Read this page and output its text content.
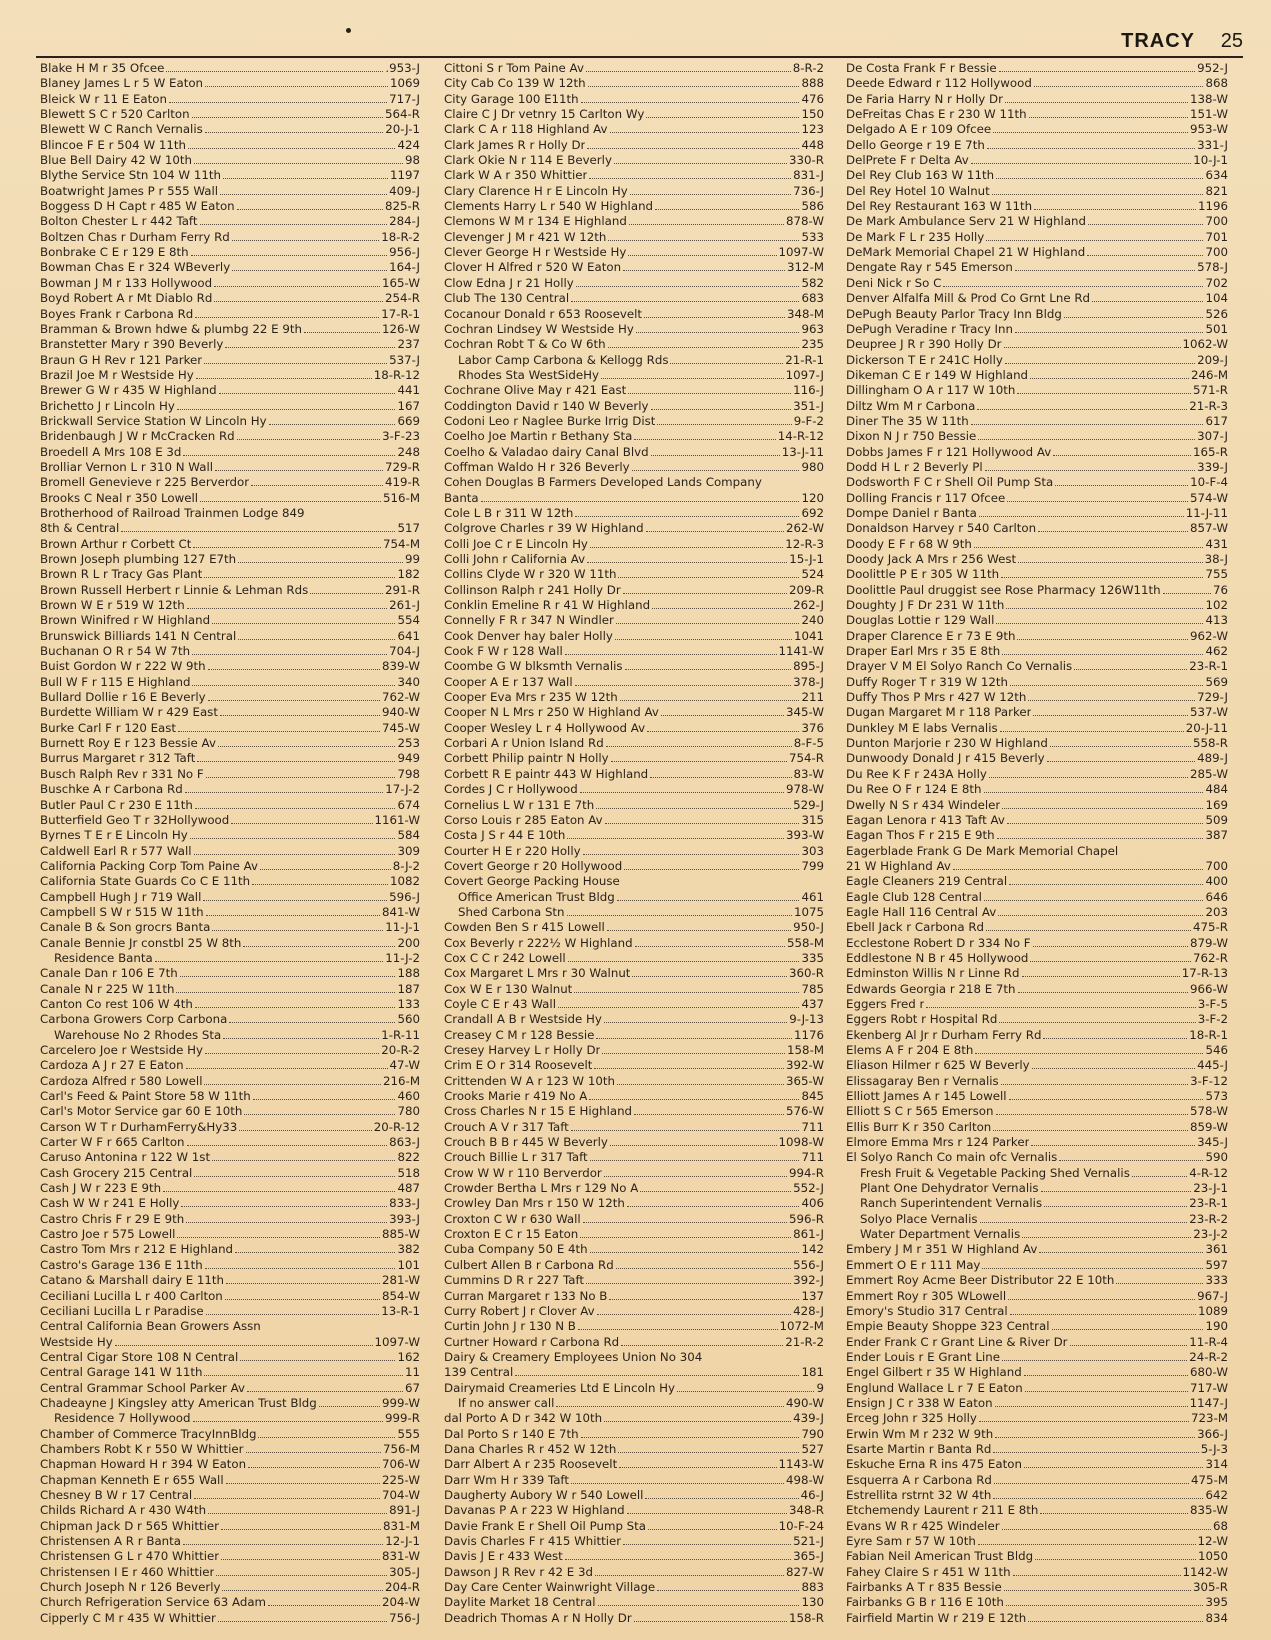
TRACY 25
Blake H M r 35 Ofcee	.953-J
Blaney James L r 5 W Eaton	1069
Bleick W r 11 E Eaton	717-J
Blewett S C r 520 Carlton	564-R
Blewett W C Ranch Vernalis	20-J-1
Blincoe F E r 504 W 11th	424
Blue Bell Dairy 42 W 10th	98
Blythe Service Stn 104 W 11th	1197
Boatwright James P r 555 Wall	409-J
Boggess D H Capt r 485 W Eaton	825-R
Bolton Chester L r 442 Taft	284-J
Boltzen Chas r Durham Ferry Rd	18-R-2
Bonbrake C E r 129 E 8th	956-J
Bowman Chas E r 324 WBeverly	164-J
Bowman J M r 133 Hollywood	165-W
Boyd Robert A r Mt Diablo Rd	254-R
Boyes Frank r Carbona Rd	17-R-1
Bramman & Brown hdwe & plumbg 22 E 9th	126-W
Branstetter Mary r 390 Beverly	237
Braun G H Rev r 121 Parker	537-J
Brazil Joe M r Westside Hy	18-R-12
Brewer G W r 435 W Highland	441
Brichetto J r Lincoln Hy	167
Brickwall Service Station W Lincoln Hy	669
Bridenbaugh J W r McCracken Rd	3-F-23
Broedell A Mrs 108 E 3d	248
Brolliar Vernon L r 310 N Wall	729-R
Bromell Genevieve r 225 Berverdor	419-R
Brooks C Neal r 350 Lowell	516-M
Brotherhood of Railroad Trainmen Lodge 849
8th & Central	517
Brown Arthur r Corbett Ct	754-M
Brown Joseph plumbing 127 E7th	99
Brown R L r Tracy Gas Plant	182
Brown Russell Herbert r Linnie & Lehman Rds	291-R
Brown W E r 519 W 12th	261-J
Brown Winifred r W Highland	554
Brunswick Billiards 141 N Central	641
Buchanan O R r 54 W 7th	704-J
Buist Gordon W r 222 W 9th	839-W
Bull W F r 115 E Highland	340
Bullard Dollie r 16 E Beverly	762-W
Burdette William W r 429 East	940-W
Burke Carl F r 120 East	745-W
Burnett Roy E r 123 Bessie Av	253
Burrus Margaret r 312 Taft	949
Busch Ralph Rev r 331 No F	798
Buschke A r Carbona Rd	17-J-2
Butler Paul C r 230 E 11th	674
Butterfield Geo T r 32Hollywood	1161-W
Byrnes T E r E Lincoln Hy	584
Caldwell Earl R r 577 Wall	309
California Packing Corp Tom Paine Av	8-J-2
California State Guards Co C E 11th	1082
Campbell Hugh J r 719 Wall	596-J
Campbell S W r 515 W 11th	841-W
Canale B & Son grocrs Banta	11-J-1
Canale Bennie Jr constbl 25 W 8th	200
Residence Banta	11-J-2
Canale Dan r 106 E 7th	188
Canale N r 225 W 11th	187
Canton Co rest 106 W 4th	133
Carbona Growers Corp Carbona	560
Warehouse No 2 Rhodes Sta	1-R-11
Carcelero Joe r Westside Hy	20-R-2
Cardoza A J r 27 E Eaton	47-W
Cardoza Alfred r 580 Lowell	216-M
Carl's Feed & Paint Store 58 W 11th	460
Carl's Motor Service gar 60 E 10th	780
Carson W T r DurhamFerry&Hy33	20-R-12
Carter W F r 665 Carlton	863-J
Caruso Antonina r 122 W 1st	822
Cash Grocery 215 Central	518
Cash J W r 223 E 9th	487
Cash W W r 241 E Holly	833-J
Castro Chris F r 29 E 9th	393-J
Castro Joe r 575 Lowell	885-W
Castro Tom Mrs r 212 E Highland	382
Castro's Garage 136 E 11th	101
Catano & Marshall dairy E 11th	281-W
Ceciliani Lucilla L r 400 Carlton	854-W
Ceciliani Lucilla L r Paradise	13-R-1
Central California Bean Growers Assn
Westside Hy	1097-W
Central Cigar Store 108 N Central	162
Central Garage 141 W 11th	11
Central Grammar School Parker Av	67
Chadeayne J Kingsley atty American Trust Bldg	999-W
Residence 7 Hollywood	999-R
Chamber of Commerce TracyInnBldg	555
Chambers Robt K r 550 W Whittier	756-M
Chapman Howard H r 394 W Eaton	706-W
Chapman Kenneth E r 655 Wall	225-W
Chesney B W r 17 Central	704-W
Childs Richard A r 430 W4th	891-J
Chipman Jack D r 565 Whittier	831-M
Christensen A R r Banta	12-J-1
Christensen G L r 470 Whittier	831-W
Christensen I E r 460 Whittier	305-J
Church Joseph N r 126 Beverly	204-R
Church Refrigeration Service 63 Adam	204-W
Cipperly C M r 435 W Whittier	756-J
Cittoni S r Tom Paine Av	8-R-2
City Cab Co 139 W 12th	888
City Garage 100 E11th	476
Claire C J Dr vetnry 15 Carlton Wy	150
Clark C A r 118 Highland Av	123
Clark James R r Holly Dr	448
Clark Okie N r 114 E Beverly	330-R
Clark W A r 350 Whittier	831-J
Clary Clarence H r E Lincoln Hy	736-J
Clements Harry L r 540 W Highland	586
Clemons W M r 134 E Highland	878-W
Clevenger J M r 421 W 12th	533
Clever George H r Westside Hy	1097-W
Clover H Alfred r 520 W Eaton	312-M
Clow Edna J r 21 Holly	582
Club The 130 Central	683
Cocanour Donald r 653 Roosevelt	348-M
Cochran Lindsey W Westside Hy	963
Cochran Robt T & Co W 6th	235
Labor Camp Carbona & Kellogg Rds	21-R-1
Rhodes Sta WestSideHy	1097-J
Cochrane Olive May r 421 East	116-J
Coddington David r 140 W Beverly	351-J
Codoni Leo r Naglee Burke Irrig Dist	9-F-2
Coelho Joe Martin r Bethany Sta	14-R-12
Coelho & Valadao dairy Canal Blvd	13-J-11
Coffman Waldo H r 326 Beverly	980
Cohen Douglas B Farmers Developed Lands Company
Banta	120
Cole L B r 311 W 12th	692
Colgrove Charles r 39 W Highland	262-W
Colli Joe C r E Lincoln Hy	12-R-3
Colli John r California Av	15-J-1
Collins Clyde W r 320 W 11th	524
Collinson Ralph r 241 Holly Dr	209-R
Conklin Emeline R r 41 W Highland	262-J
Connelly F R r 347 N Windler	240
Cook Denver hay baler Holly	1041
Cook F W r 128 Wall	1141-W
Coombe G W blksmth Vernalis	895-J
Cooper A E r 137 Wall	378-J
Cooper Eva Mrs r 235 W 12th	211
Cooper N L Mrs r 250 W Highland Av	345-W
Cooper Wesley L r 4 Hollywood Av	376
Corbari A r Union Island Rd	8-F-5
Corbett Philip paintr N Holly	754-R
Corbett R E paintr 443 W Highland	83-W
Cordes J C r Hollywood	978-W
Cornelius L W r 131 E 7th	529-J
Corso Louis r 285 Eaton Av	315
Costa J S r 44 E 10th	393-W
Courter H E r 220 Holly	303
Covert George r 20 Hollywood	799
Covert George Packing House
Office American Trust Bldg	461
Shed Carbona Stn	1075
Cowden Ben S r 415 Lowell	950-J
Cox Beverly r 222½ W Highland	558-M
Cox C C r 242 Lowell	335
Cox Margaret L Mrs r 30 Walnut	360-R
Cox W E r 130 Walnut	785
Coyle C E r 43 Wall	437
Crandall A B r Westside Hy	9-J-13
Creasey C M r 128 Bessie	1176
Cresey Harvey L r Holly Dr	158-M
Crim E O r 314 Roosevelt	392-W
Crittenden W A r 123 W 10th	365-W
Crooks Marie r 419 No A	845
Cross Charles N r 15 E Highland	576-W
Crouch A V r 317 Taft	711
Crouch B B r 445 W Beverly	1098-W
Crouch Billie L r 317 Taft	711
Crow W W r 110 Berverdor	994-R
Crowder Bertha L Mrs r 129 No A	552-J
Crowley Dan Mrs r 150 W 12th	406
Croxton C W r 630 Wall	596-R
Croxton E C r 15 Eaton	861-J
Cuba Company 50 E 4th	142
Culbert Allen B r Carbona Rd	556-J
Cummins D R r 227 Taft	392-J
Curran Margaret r 133 No B	137
Curry Robert J r Clover Av	428-J
Curtin John J r 130 N B	1072-M
Curtner Howard r Carbona Rd	21-R-2
Dairy & Creamery Employees Union No 304
139 Central	181
Dairymaid Creameries Ltd E Lincoln Hy	9
If no answer call	490-W
dal Porto A D r 342 W 10th	439-J
Dal Porto S r 140 E 7th	790
Dana Charles R r 452 W 12th	527
Darr Albert A r 235 Roosevelt	1143-W
Darr Wm H r 339 Taft	498-W
Daugherty Aubory W r 540 Lowell	46-J
Davanas P A r 223 W Highland	348-R
Davie Frank E r Shell Oil Pump Sta	10-F-24
Davis Charles F r 415 Whittier	521-J
Davis J E r 433 West	365-J
Dawson J R Rev r 42 E 3d	827-W
Day Care Center Wainwright Village	883
Daylite Market 18 Central	130
Deadrich Thomas A r N Holly Dr	158-R
De Costa Frank F r Bessie	952-J
Deede Edward r 112 Hollywood	868
De Faria Harry N r Holly Dr	138-W
DeFreitas Chas E r 230 W 11th	151-W
Delgado A E r 109 Ofcee	953-W
Dello George r 19 E 7th	331-J
DelPrete F r Delta Av	10-J-1
Del Rey Club 163 W 11th	634
Del Rey Hotel 10 Walnut	821
Del Rey Restaurant 163 W 11th	1196
De Mark Ambulance Serv 21 W Highland	700
De Mark F L r 235 Holly	701
DeMark Memorial Chapel 21 W Highland	700
Dengate Ray r 545 Emerson	578-J
Deni Nick r So C	702
Denver Alfalfa Mill & Prod Co Grnt Lne Rd	104
DePugh Beauty Parlor Tracy Inn Bldg	526
DePugh Veradine r Tracy Inn	501
Deupree J R r 390 Holly Dr	1062-W
Dickerson T E r 241C Holly	209-J
Dikeman C E r 149 W Highland	246-M
Dillingham O A r 117 W 10th	571-R
Diltz Wm M r Carbona	21-R-3
Diner The 35 W 11th	617
Dixon N J r 750 Bessie	307-J
Dobbs James F r 121 Hollywood Av	165-R
Dodd H L r 2 Beverly Pl	339-J
Dodsworth F C r Shell Oil Pump Sta	10-F-4
Dolling Francis r 117 Ofcee	574-W
Dompe Daniel r Banta	11-J-11
Donaldson Harvey r 540 Carlton	857-W
Doody E F r 68 W 9th	431
Doody Jack A Mrs r 256 West	38-J
Doolittle P E r 305 W 11th	755
Doolittle Paul druggist see Rose Pharmacy 126W11th	76
Doughty J F Dr 231 W 11th	102
Douglas Lottie r 129 Wall	413
Draper Clarence E r 73 E 9th	962-W
Draper Earl Mrs r 35 E 8th	462
Drayer V M El Solyo Ranch Co Vernalis	23-R-1
Duffy Roger T r 319 W 12th	569
Duffy Thos P Mrs r 427 W 12th	729-J
Dugan Margaret M r 118 Parker	537-W
Dunkley M E labs Vernalis	20-J-11
Dunton Marjorie r 230 W Highland	558-R
Dunwoody Donald J r 415 Beverly	489-J
Du Ree K F r 243A Holly	285-W
Du Ree O F r 124 E 8th	484
Dwelly N S r 434 Windeler	169
Eagan Lenora r 413 Taft Av	509
Eagan Thos F r 215 E 9th	387
Eagerblade Frank G De Mark Memorial Chapel
21 W Highland Av	700
Eagle Cleaners 219 Central	400
Eagle Club 128 Central	646
Eagle Hall 116 Central Av	203
Ebell Jack r Carbona Rd	475-R
Ecclestone Robert D r 334 No F	879-W
Eddlestone N B r 45 Hollywood	762-R
Edminston Willis N r Linne Rd	17-R-13
Edwards Georgia r 218 E 7th	966-W
Eggers Fred r	3-F-5
Eggers Robt r Hospital Rd	3-F-2
Ekenberg Al Jr r Durham Ferry Rd	18-R-1
Elems A F r 204 E 8th	546
Eliason Hilmer r 625 W Beverly	445-J
Elissagaray Ben r Vernalis	3-F-12
Elliott James A r 145 Lowell	573
Elliott S C r 565 Emerson	578-W
Ellis Burr K r 350 Carlton	859-W
Elmore Emma Mrs r 124 Parker	345-J
El Solyo Ranch Co main ofc Vernalis	590
Fresh Fruit & Vegetable Packing Shed Vernalis	4-R-12
Plant One Dehydrator Vernalis	23-J-1
Ranch Superintendent Vernalis	23-R-1
Solyo Place Vernalis	23-R-2
Water Department Vernalis	23-J-2
Embery J M r 351 W Highland Av	361
Emmert O E r 111 May	597
Emmert Roy Acme Beer Distributor 22 E 10th	333
Emmert Roy r 305 WLowell	967-J
Emory's Studio 317 Central	1089
Empie Beauty Shoppe 323 Central	190
Ender Frank C r Grant Line & River Dr	11-R-4
Ender Louis r E Grant Line	24-R-2
Engel Gilbert r 35 W Highland	680-W
Englund Wallace L r 7 E Eaton	717-W
Ensign J C r 338 W Eaton	1147-J
Erceg John r 325 Holly	723-M
Erwin Wm M r 232 W 9th	366-J
Esarte Martin r Banta Rd	5-J-3
Eskuche Erna R ins 475 Eaton	314
Esquerra A r Carbona Rd	475-M
Estrellita rstrnt 32 W 4th	642
Etchemendy Laurent r 211 E 8th	835-W
Evans W R r 425 Windeler	68
Eyre Sam r 57 W 10th	12-W
Fabian Neil American Trust Bldg	1050
Fahey Claire S r 451 W 11th	1142-W
Fairbanks A T r 835 Bessie	305-R
Fairbanks G B r 116 E 10th	395
Fairfield Martin W r 219 E 12th	834
